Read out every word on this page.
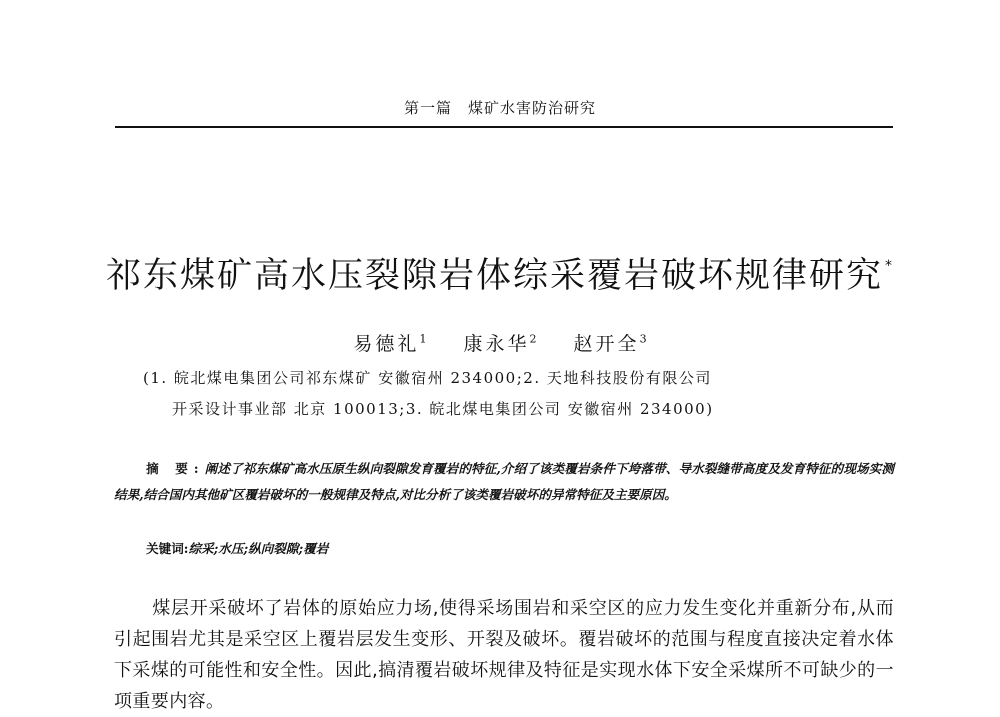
第一篇 煤矿水害防治研究
祁东煤矿高水压裂隙岩体综采覆岩破坏规律研究 *
易德礼$^1$ 康永华$^2$ 赵开全$^3$
(1. 皖北煤电集团公司祁东煤矿 安徽宿州 234000;2. 天地科技股份有限公司
开采设计事业部 北京 100013;3. 皖北煤电集团公司 安徽宿州 234000)
摘 要:阐述了祁东煤矿高水压原生纵向裂隙发育覆岩的特征,介绍了该类覆岩条件下垮落带、导水裂缝带高度及发育特征的现场实测结果,结合国内其他矿区覆岩破坏的一般规律及特点,对比分析了该类覆岩破坏的异常特征及主要原因。
关键词:综采;水压;纵向裂隙;覆岩
煤层开采破坏了岩体的原始应力场,使得采场围岩和采空区的应力发生变化并重新分布,从而引起围岩尤其是采空区上覆岩层发生变形、开裂及破坏。覆岩破坏的范围与程度直接决定着水体下采煤的可能性和安全性。因此,搞清覆岩破坏规律及特征是实现水体下安全采煤所不可缺少的一项重要内容。
